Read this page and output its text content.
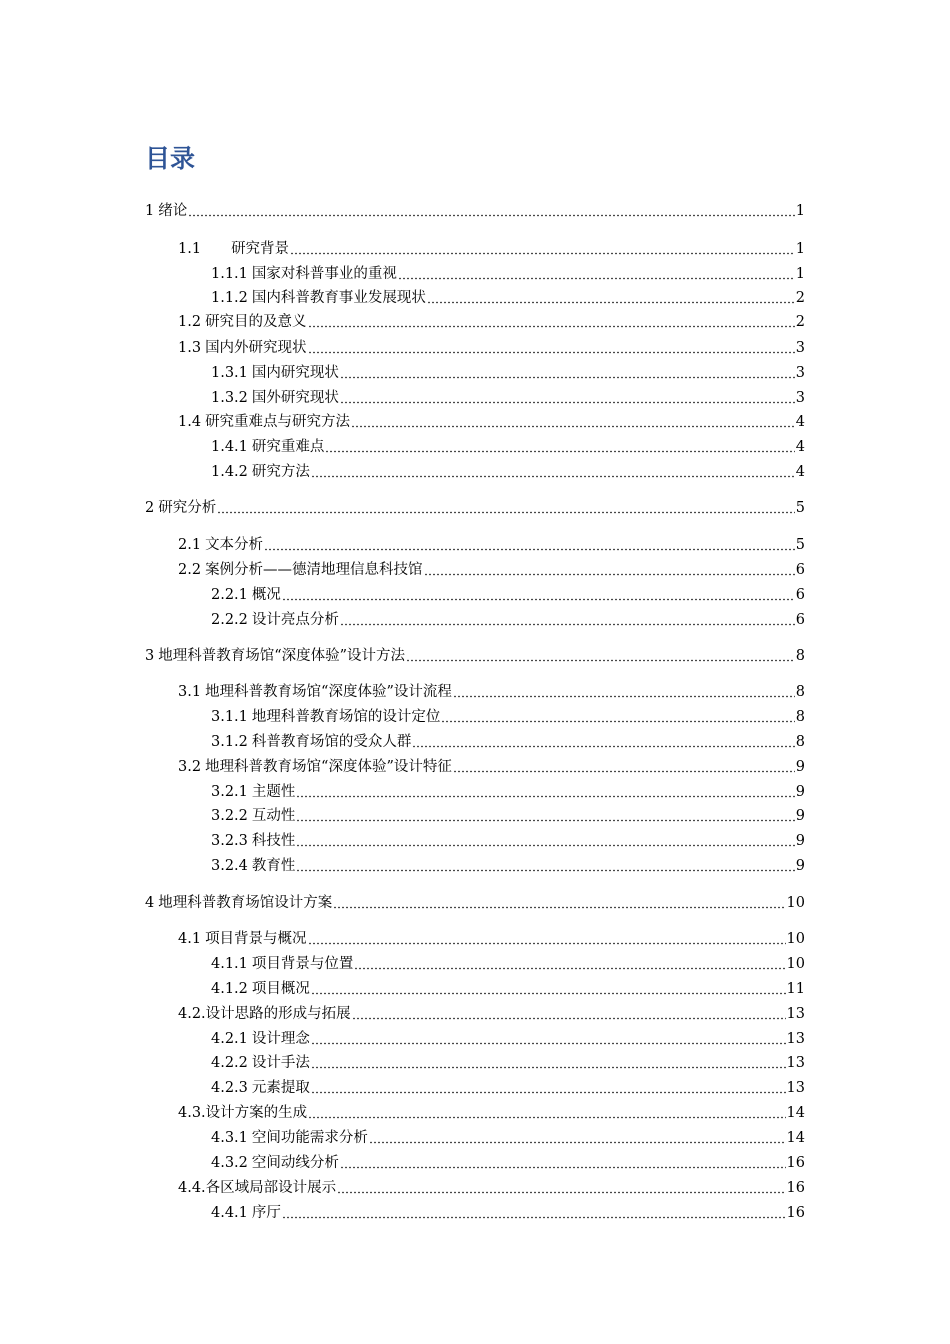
目录
1 绪论	1
1.1 研究背景	1
1.1.1 国家对科普事业的重视	1
1.1.2 国内科普教育事业发展现状	2
1.2 研究目的及意义	2
1.3 国内外研究现状	3
1.3.1 国内研究现状	3
1.3.2 国外研究现状	3
1.4 研究重难点与研究方法	4
1.4.1 研究重难点	4
1.4.2 研究方法	4
2 研究分析	5
2.1 文本分析	5
2.2 案例分析——德清地理信息科技馆	6
2.2.1 概况	6
2.2.2 设计亮点分析	6
3 地理科普教育场馆“深度体验”设计方法	8
3.1 地理科普教育场馆“深度体验”设计流程	8
3.1.1 地理科普教育场馆的设计定位	8
3.1.2 科普教育场馆的受众人群	8
3.2 地理科普教育场馆“深度体验”设计特征	9
3.2.1 主题性	9
3.2.2 互动性	9
3.2.3 科技性	9
3.2.4 教育性	9
4 地理科普教育场馆设计方案	10
4.1 项目背景与概况	10
4.1.1 项目背景与位置	10
4.1.2 项目概况	11
4.2. 设计思路的形成与拓展	13
4.2.1 设计理念	13
4.2.2 设计手法	13
4.2.3 元素提取	13
4.3. 设计方案的生成	14
4.3.1 空间功能需求分析	14
4.3.2 空间动线分析	16
4.4. 各区域局部设计展示	16
4.4.1 序厅	16
